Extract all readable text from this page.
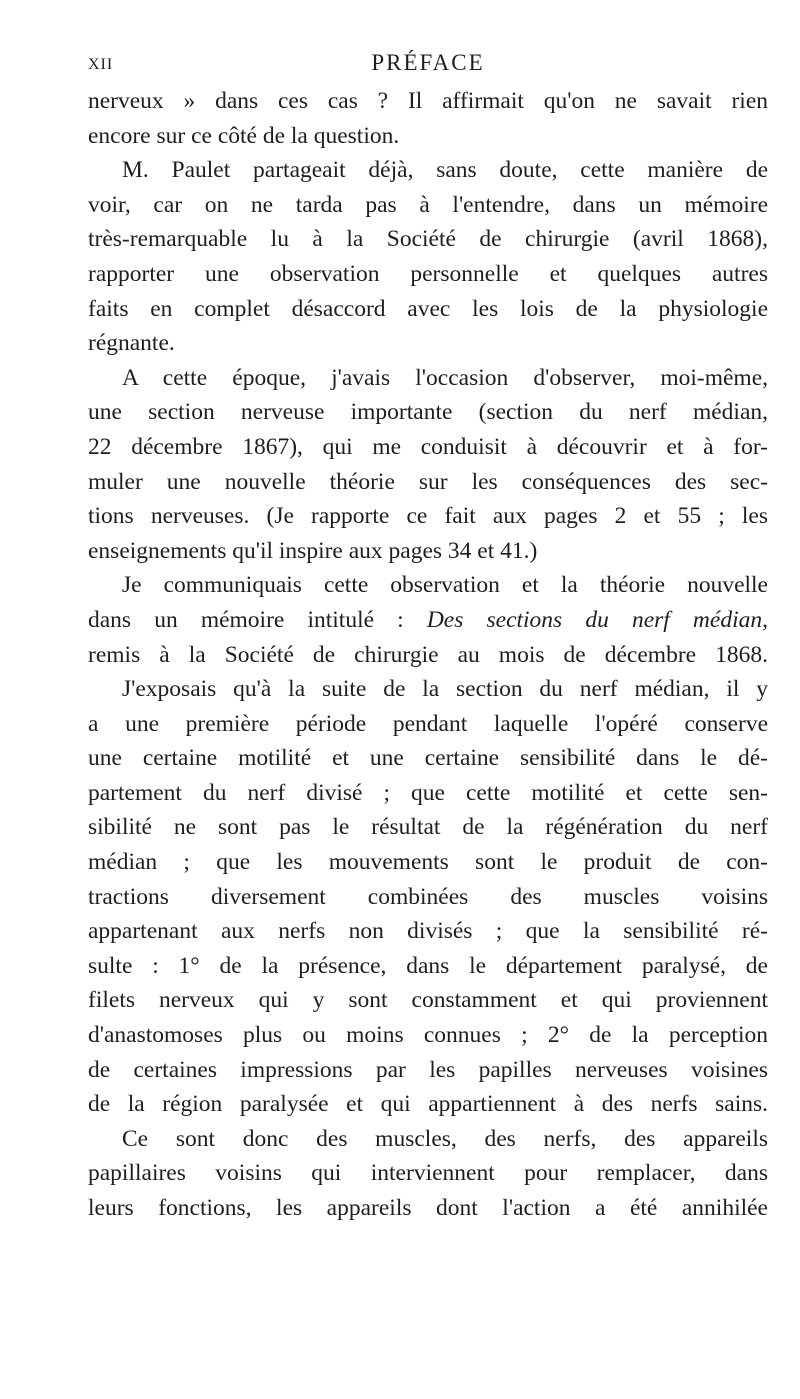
XII	PRÉFACE
nerveux » dans ces cas ? Il affirmait qu'on ne savait rien
encore sur ce côté de la question.
M. Paulet partageait déjà, sans doute, cette manière de
voir, car on ne tarda pas à l'entendre, dans un mémoire
très-remarquable lu à la Société de chirurgie (avril 1868),
rapporter une observation personnelle et quelques autres
faits en complet désaccord avec les lois de la physiologie
régnante.
A cette époque, j'avais l'occasion d'observer, moi-même,
une section nerveuse importante (section du nerf médian,
22 décembre 1867), qui me conduisit à découvrir et à for-
muler une nouvelle théorie sur les conséquences des sec-
tions nerveuses. (Je rapporte ce fait aux pages 2 et 55 ; les
enseignements qu'il inspire aux pages 34 et 41.)
Je communiquais cette observation et la théorie nouvelle
dans un mémoire intitulé : Des sections du nerf médian,
remis à la Société de chirurgie au mois de décembre 1868.
J'exposais qu'à la suite de la section du nerf médian, il y
a une première période pendant laquelle l'opéré conserve
une certaine motilité et une certaine sensibilité dans le dé-
partement du nerf divisé ; que cette motilité et cette sen-
sibilité ne sont pas le résultat de la régénération du nerf
médian ; que les mouvements sont le produit de con-
tractions diversement combinées des muscles voisins
appartenant aux nerfs non divisés ; que la sensibilité ré-
sulte : 1° de la présence, dans le département paralysé, de
filets nerveux qui y sont constamment et qui proviennent
d'anastomoses plus ou moins connues ; 2° de la perception
de certaines impressions par les papilles nerveuses voisines
de la région paralysée et qui appartiennent à des nerfs sains.
Ce sont donc des muscles, des nerfs, des appareils
papillaires voisins qui interviennent pour remplacer, dans
leurs fonctions, les appareils dont l'action a été annihilée
